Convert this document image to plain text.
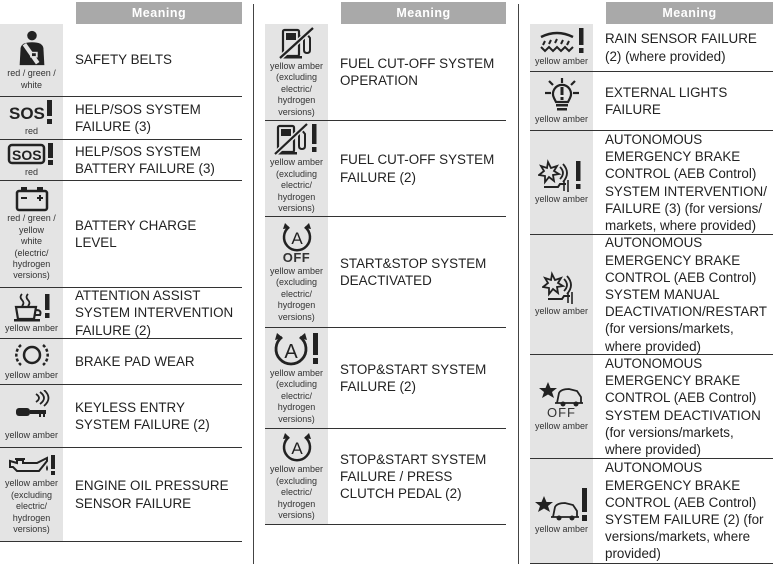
Meaning
red / green /
white
SAFETY BELTS
SOS
red
HELP/SOS SYSTEM
FAILURE (3)
SOS
red
HELP/SOS SYSTEM
BATTERY FAILURE (3)
red / green /
yellow
white
(electric/
hydrogen
versions)
BATTERY CHARGE
LEVEL
yellow amber
ATTENTION ASSIST
SYSTEM INTERVENTION
FAILURE (2)
yellow amber
BRAKE PAD WEAR
yellow amber
KEYLESS ENTRY
SYSTEM FAILURE (2)
yellow amber
(excluding
electric/
hydrogen
versions)
ENGINE OIL PRESSURE
SENSOR FAILURE
Meaning
yellow amber
(excluding
electric/
hydrogen
versions)
FUEL CUT-OFF SYSTEM
OPERATION
yellow amber
(excluding
electric/
hydrogen
versions)
FUEL CUT-OFF SYSTEM
FAILURE (2)
A
OFF
yellow amber
(excluding
electric/
hydrogen
versions)
START&STOP SYSTEM
DEACTIVATED
A
yellow amber
(excluding
electric/
hydrogen
versions)
STOP&START SYSTEM
FAILURE (2)
A
yellow amber
(excluding
electric/
hydrogen
versions)
STOP&START SYSTEM
FAILURE / PRESS
CLUTCH PEDAL (2)
Meaning
yellow amber
RAIN SENSOR FAILURE
(2) (where provided)
yellow amber
EXTERNAL LIGHTS
FAILURE
yellow amber
AUTONOMOUS
EMERGENCY BRAKE
CONTROL (AEB Control)
SYSTEM INTERVENTION/
FAILURE (3) (for versions/
markets, where provided)
yellow amber
AUTONOMOUS
EMERGENCY BRAKE
CONTROL (AEB Control)
SYSTEM MANUAL
DEACTIVATION/RESTART
(for versions/markets,
where provided)
OFF
yellow amber
AUTONOMOUS
EMERGENCY BRAKE
CONTROL (AEB Control)
SYSTEM DEACTIVATION
(for versions/markets,
where provided)
yellow amber
AUTONOMOUS
EMERGENCY BRAKE
CONTROL (AEB Control)
SYSTEM FAILURE (2) (for
versions/markets, where
provided)
